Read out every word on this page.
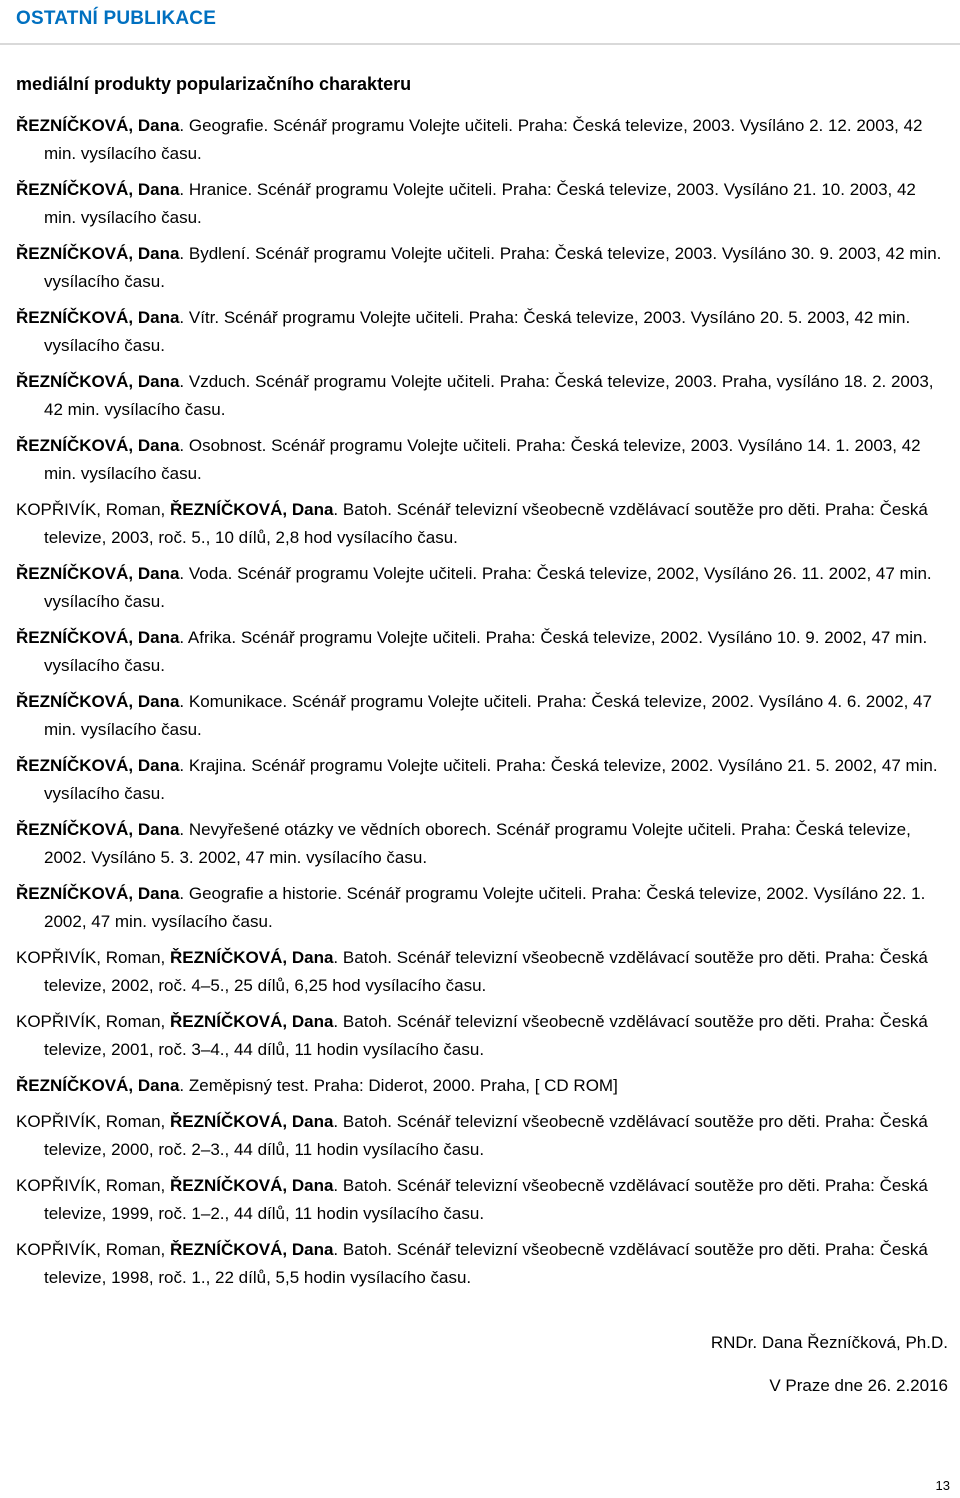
OSTATNÍ PUBLIKACE
mediální produkty popularizačního charakteru
ŘEZNÍČKOVÁ, Dana. Geografie. Scénář programu Volejte učiteli. Praha: Česká televize, 2003. Vysíláno 2. 12. 2003, 42 min. vysílacího času.
ŘEZNÍČKOVÁ, Dana. Hranice. Scénář programu Volejte učiteli. Praha: Česká televize, 2003. Vysíláno 21. 10. 2003, 42 min. vysílacího času.
ŘEZNÍČKOVÁ, Dana. Bydlení. Scénář programu Volejte učiteli. Praha: Česká televize, 2003. Vysíláno 30. 9. 2003, 42 min. vysílacího času.
ŘEZNÍČKOVÁ, Dana. Vítr. Scénář programu Volejte učiteli. Praha: Česká televize, 2003. Vysíláno 20. 5. 2003, 42 min. vysílacího času.
ŘEZNÍČKOVÁ, Dana. Vzduch. Scénář programu Volejte učiteli. Praha: Česká televize, 2003. Praha, vysíláno 18. 2. 2003, 42 min. vysílacího času.
ŘEZNÍČKOVÁ, Dana. Osobnost. Scénář programu Volejte učiteli. Praha: Česká televize, 2003. Vysíláno 14. 1. 2003, 42 min. vysílacího času.
KOPŘIVÍK, Roman, ŘEZNÍČKOVÁ, Dana. Batoh. Scénář televizní všeobecně vzdělávací soutěže pro děti. Praha: Česká televize, 2003, roč. 5., 10 dílů, 2,8 hod vysílacího času.
ŘEZNÍČKOVÁ, Dana. Voda. Scénář programu Volejte učiteli. Praha: Česká televize, 2002, Vysíláno 26. 11. 2002, 47 min. vysílacího času.
ŘEZNÍČKOVÁ, Dana. Afrika. Scénář programu Volejte učiteli. Praha: Česká televize, 2002. Vysíláno 10. 9. 2002, 47 min. vysílacího času.
ŘEZNÍČKOVÁ, Dana. Komunikace. Scénář programu Volejte učiteli. Praha: Česká televize, 2002. Vysíláno 4. 6. 2002, 47 min. vysílacího času.
ŘEZNÍČKOVÁ, Dana. Krajina. Scénář programu Volejte učiteli. Praha: Česká televize, 2002. Vysíláno 21. 5. 2002, 47 min. vysílacího času.
ŘEZNÍČKOVÁ, Dana. Nevyřešené otázky ve vědních oborech. Scénář programu Volejte učiteli. Praha: Česká televize, 2002. Vysíláno 5. 3. 2002, 47 min. vysílacího času.
ŘEZNÍČKOVÁ, Dana. Geografie a historie. Scénář programu Volejte učiteli. Praha: Česká televize, 2002. Vysíláno 22. 1. 2002, 47 min. vysílacího času.
KOPŘIVÍK, Roman, ŘEZNÍČKOVÁ, Dana. Batoh. Scénář televizní všeobecně vzdělávací soutěže pro děti. Praha: Česká televize, 2002, roč. 4–5., 25 dílů, 6,25 hod vysílacího času.
KOPŘIVÍK, Roman, ŘEZNÍČKOVÁ, Dana. Batoh. Scénář televizní všeobecně vzdělávací soutěže pro děti. Praha: Česká televize, 2001, roč. 3–4., 44 dílů, 11 hodin vysílacího času.
ŘEZNÍČKOVÁ, Dana. Zeměpisný test. Praha: Diderot, 2000. Praha, [ CD ROM]
KOPŘIVÍK, Roman, ŘEZNÍČKOVÁ, Dana. Batoh. Scénář televizní všeobecně vzdělávací soutěže pro děti. Praha: Česká televize, 2000, roč. 2–3., 44 dílů, 11 hodin vysílacího času.
KOPŘIVÍK, Roman, ŘEZNÍČKOVÁ, Dana. Batoh. Scénář televizní všeobecně vzdělávací soutěže pro děti. Praha: Česká televize, 1999, roč. 1–2., 44 dílů, 11 hodin vysílacího času.
KOPŘIVÍK, Roman, ŘEZNÍČKOVÁ, Dana. Batoh. Scénář televizní všeobecně vzdělávací soutěže pro děti. Praha: Česká televize, 1998, roč. 1., 22 dílů, 5,5 hodin vysílacího času.
RNDr. Dana Řezníčková, Ph.D.
V Praze dne 26. 2.2016
13
